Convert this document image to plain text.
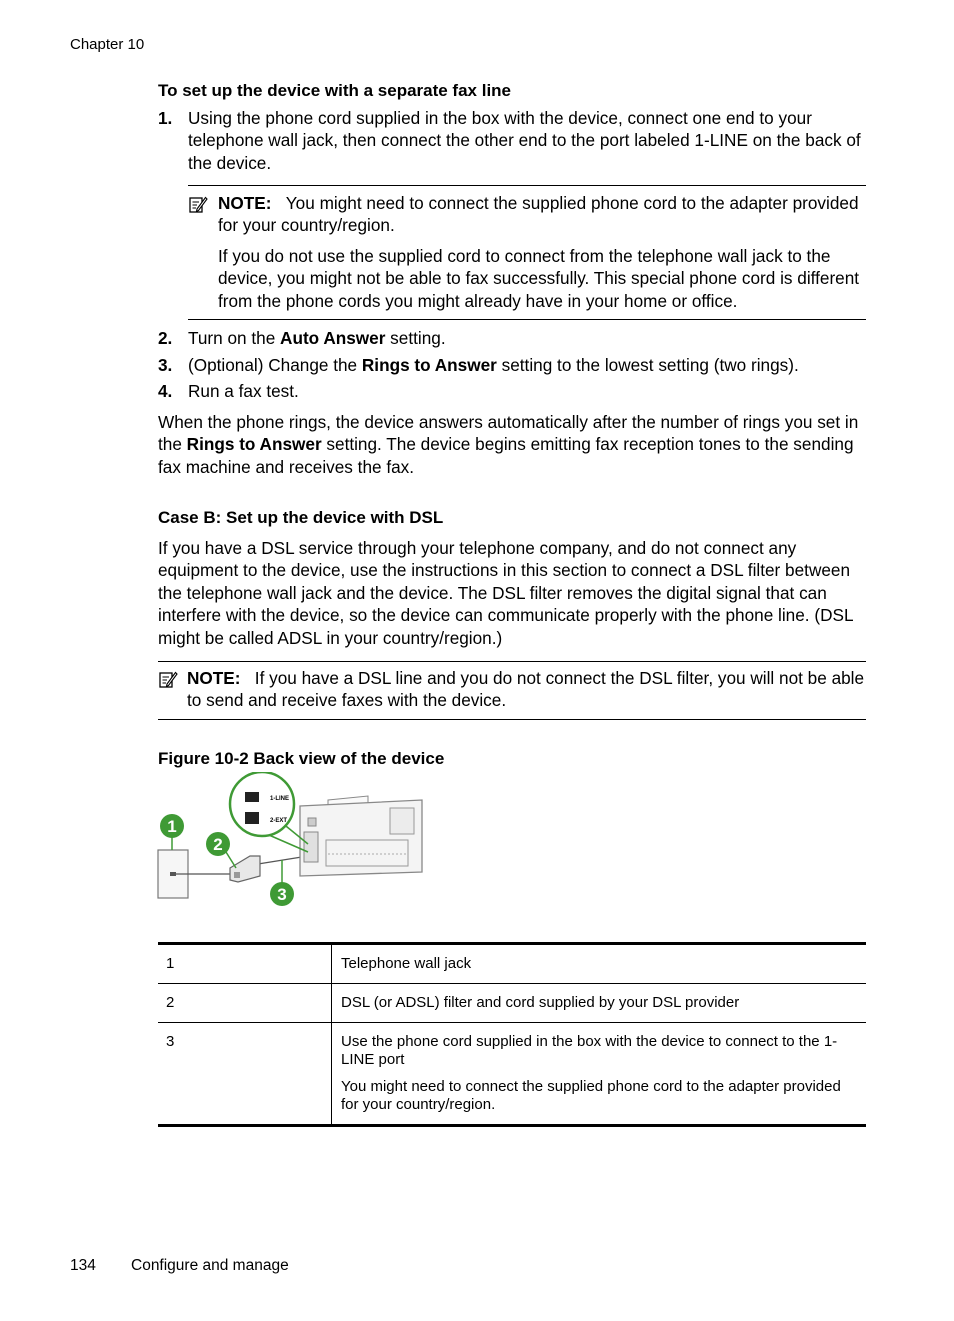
Chapter 10
To set up the device with a separate fax line
1. Using the phone cord supplied in the box with the device, connect one end to your telephone wall jack, then connect the other end to the port labeled 1-LINE on the back of the device.
NOTE: You might need to connect the supplied phone cord to the adapter provided for your country/region.
If you do not use the supplied cord to connect from the telephone wall jack to the device, you might not be able to fax successfully. This special phone cord is different from the phone cords you might already have in your home or office.
2. Turn on the Auto Answer setting.
3. (Optional) Change the Rings to Answer setting to the lowest setting (two rings).
4. Run a fax test.
When the phone rings, the device answers automatically after the number of rings you set in the Rings to Answer setting. The device begins emitting fax reception tones to the sending fax machine and receives the fax.
Case B: Set up the device with DSL
If you have a DSL service through your telephone company, and do not connect any equipment to the device, use the instructions in this section to connect a DSL filter between the telephone wall jack and the device. The DSL filter removes the digital signal that can interfere with the device, so the device can communicate properly with the phone line. (DSL might be called ADSL in your country/region.)
NOTE: If you have a DSL line and you do not connect the DSL filter, you will not be able to send and receive faxes with the device.
Figure 10-2 Back view of the device
1-LINE
2-EXT
1
2
3
1	Telephone wall jack

2	DSL (or ADSL) filter and cord supplied by your DSL provider

3	Use the phone cord supplied in the box with the device to connect to the 1-LINE port

You might need to connect the supplied phone cord to the adapter provided for your country/region.

134 Configure and manage
